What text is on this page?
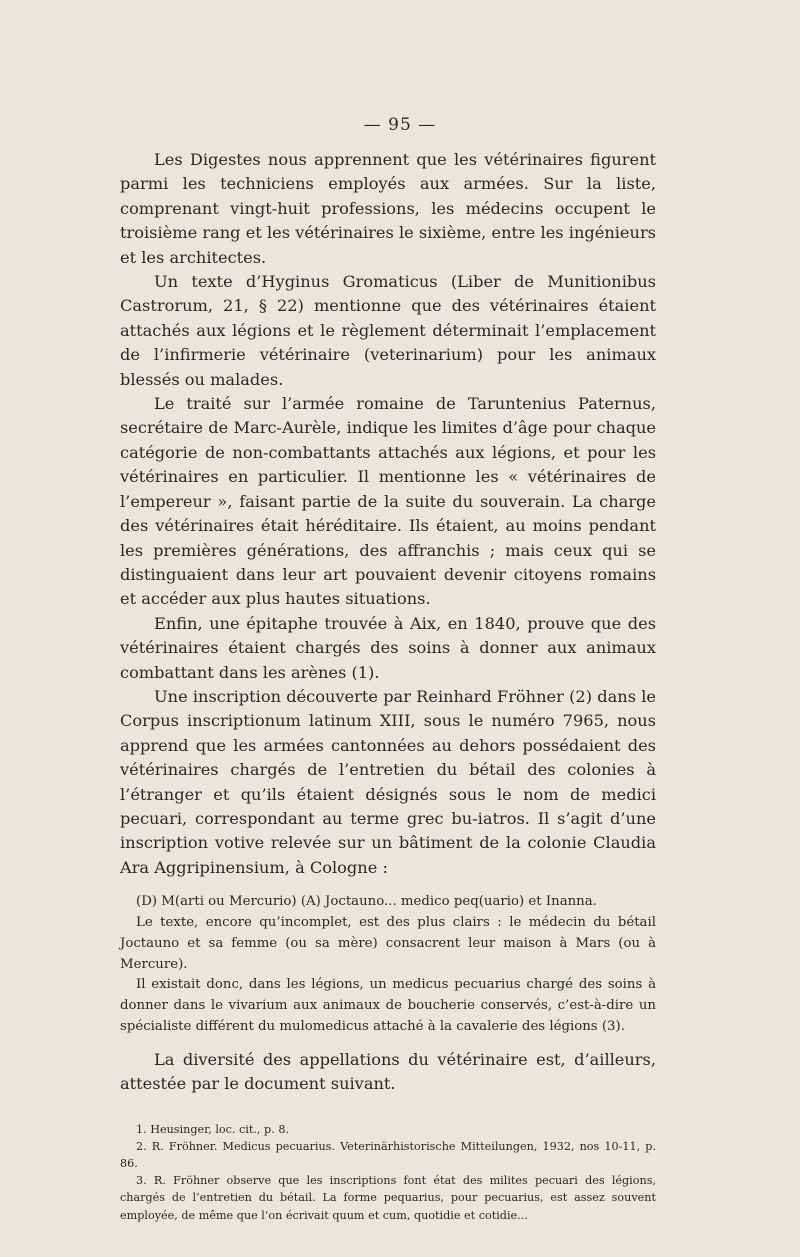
— 95 —

Les Digestes nous apprennent que les vétérinaires figurent parmi les techniciens employés aux armées. Sur la liste, comprenant vingt-huit professions, les médecins occupent le troisième rang et les vétérinaires le sixième, entre les ingénieurs et les architectes.

Un texte d’Hyginus Gromaticus (Liber de Munitionibus Castrorum, 21, § 22) mentionne que des vétérinaires étaient attachés aux légions et le règlement déterminait l’emplacement de l’infirmerie vétérinaire (veterinarium) pour les animaux blessés ou malades.

Le traité sur l’armée romaine de Taruntenius Paternus, secrétaire de Marc-Aurèle, indique les limites d’âge pour chaque catégorie de non-combattants attachés aux légions, et pour les vétérinaires en particulier. Il mentionne les « vétérinaires de l’empereur », faisant partie de la suite du souverain. La charge des vétérinaires était héréditaire. Ils étaient, au moins pendant les premières générations, des affranchis ; mais ceux qui se distinguaient dans leur art pouvaient devenir citoyens romains et accéder aux plus hautes situations.

Enfin, une épitaphe trouvée à Aix, en 1840, prouve que des vétérinaires étaient chargés des soins à donner aux animaux combattant dans les arènes (1).

Une inscription découverte par Reinhard Fröhner (2) dans le Corpus inscriptionum latinum XIII, sous le numéro 7965, nous apprend que les armées cantonnées au dehors possédaient des vétérinaires chargés de l’entretien du bétail des colonies à l’étranger et qu’ils étaient désignés sous le nom de medici pecuari, correspondant au terme grec bu-iatros. Il s’agit d’une inscription votive relevée sur un bâtiment de la colonie Claudia Ara Aggripinensium, à Cologne :

(D) M(arti ou Mercurio) (A) Joctauno... medico peq(uario) et Inanna.

Le texte, encore qu’incomplet, est des plus clairs : le médecin du bétail Joctauno et sa femme (ou sa mère) consacrent leur maison à Mars (ou à Mercure).

Il existait donc, dans les légions, un medicus pecuarius chargé des soins à donner dans le vivarium aux animaux de boucherie conservés, c’est-à-dire un spécialiste différent du mulomedicus attaché à la cavalerie des légions (3).

La diversité des appellations du vétérinaire est, d’ailleurs, attestée par le document suivant.

1. Heusinger, loc. cit., p. 8.

2. R. Fröhner. Medicus pecuarius. Veterinärhistorische Mitteilungen, 1932, nos 10-11, p. 86.

3. R. Fröhner observe que les inscriptions font état des milites pecuari des légions, chargés de l’entretien du bétail. La forme pequarius, pour pecuarius, est assez souvent employée, de même que l’on écrivait quum et cum, quotidie et cotidie...
